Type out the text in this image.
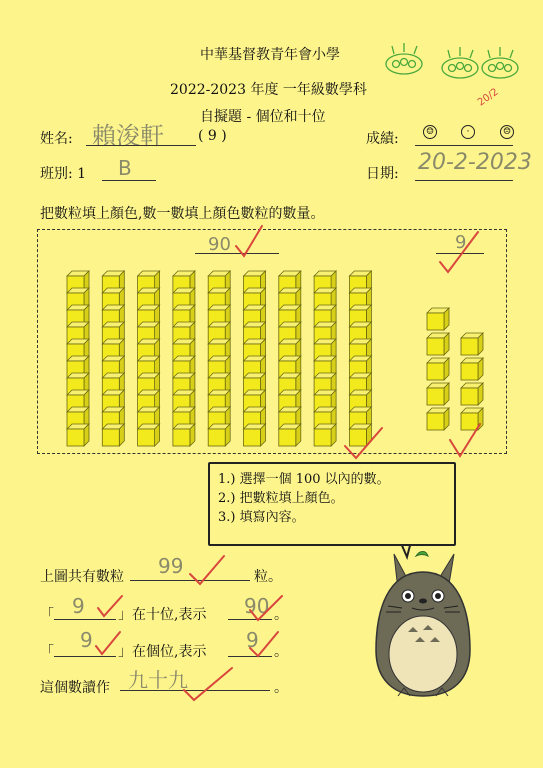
中華基督教青年會小學
2022-2023 年度 一年級數學科
自擬題 - 個位和十位
姓名: 賴浚軒 ( 9 )
班別: 1 B
成績:	☺	·	☹
20/2
日期: 20-2-2023
把數粒填上顏色,數一數填上顏色數粒的數量。
90	9
1.) 選擇一個 100 以內的數。
2.) 把數粒填上顏色。
3.) 填寫內容。
上圖共有數粒 99	粒。
「 9 」在十位,表示 90 。
「 9 」在個位,表示 9 。
這個數讀作 九十九	。
